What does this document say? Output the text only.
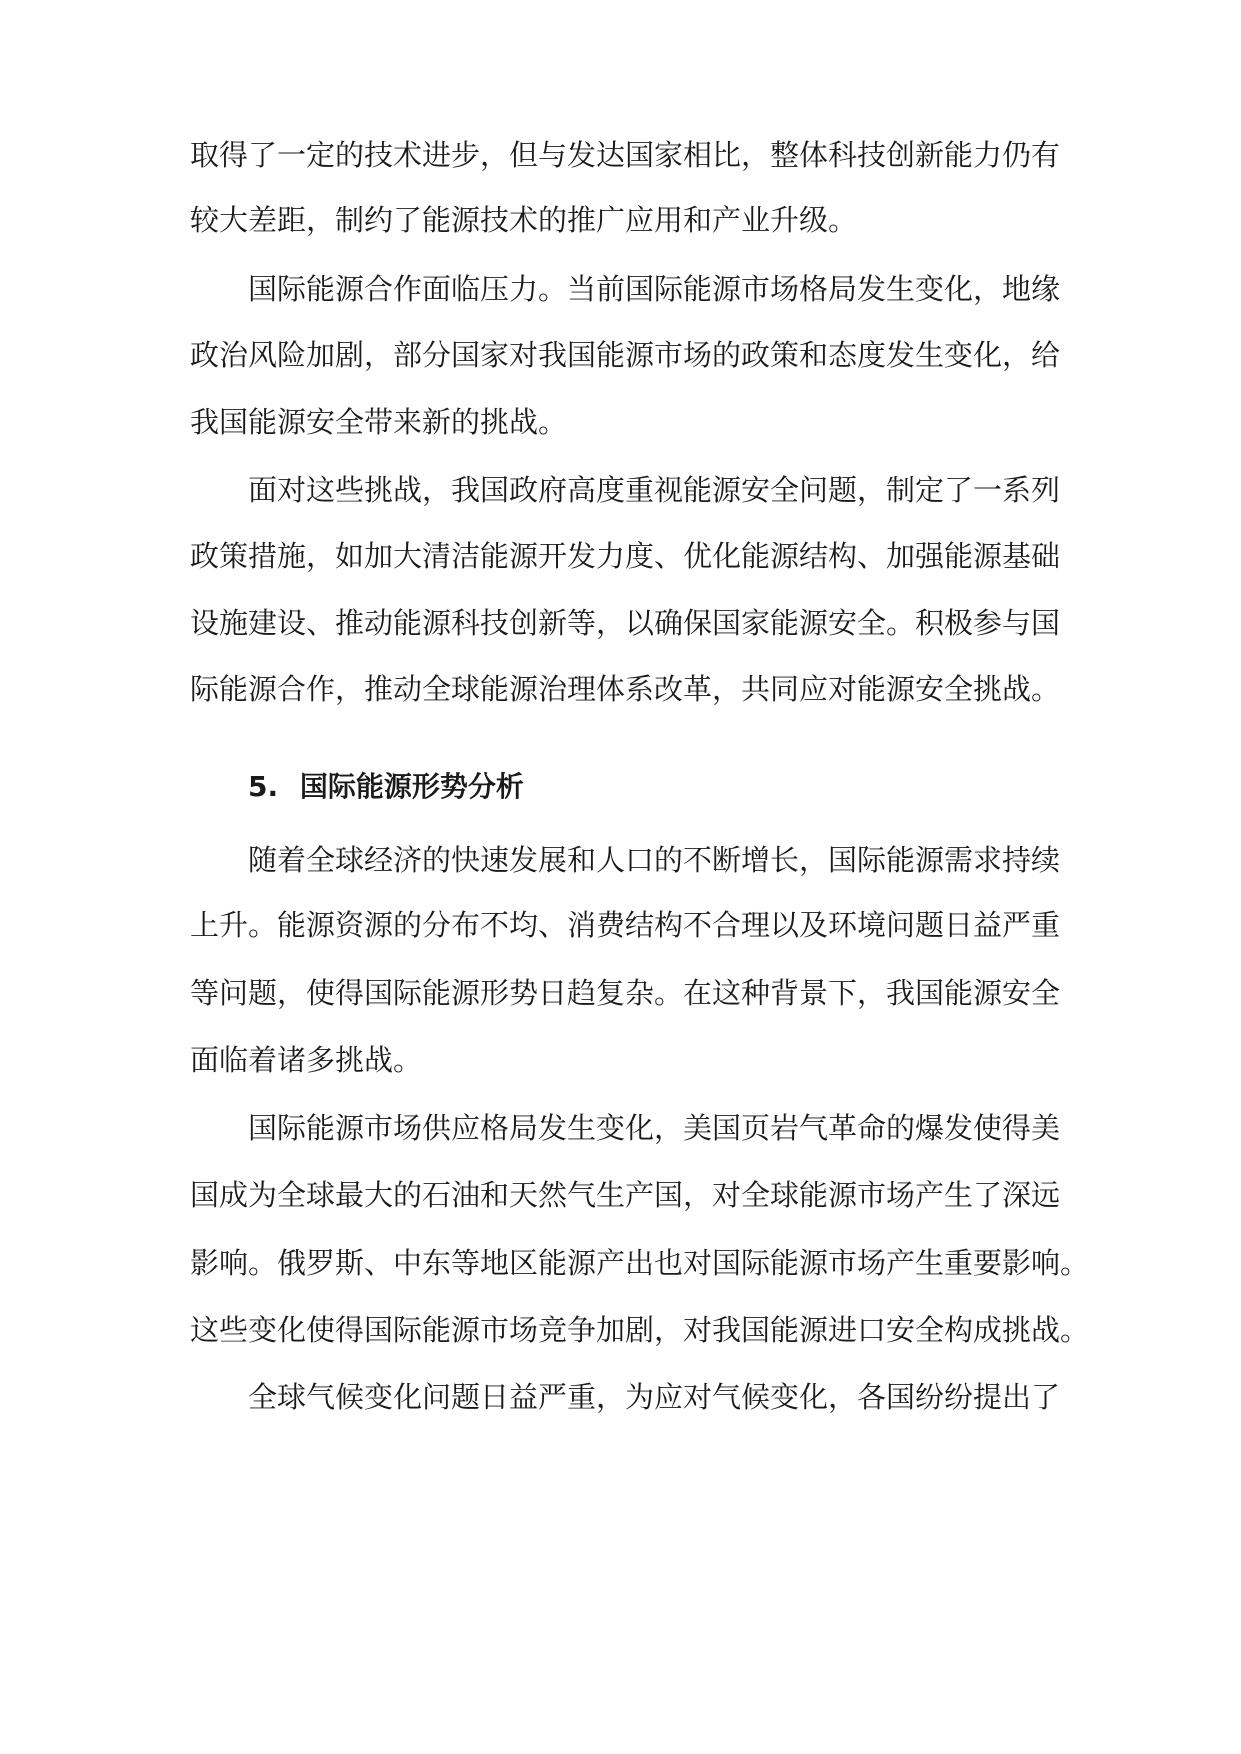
取得了一定的技术进步，但与发达国家相比，整体科技创新能力仍有
较大差距，制约了能源技术的推广应用和产业升级。
国际能源合作面临压力。当前国际能源市场格局发生变化，地缘
政治风险加剧，部分国家对我国能源市场的政策和态度发生变化，给
我国能源安全带来新的挑战。
面对这些挑战，我国政府高度重视能源安全问题，制定了一系列
政策措施，如加大清洁能源开发力度、优化能源结构、加强能源基础
设施建设、推动能源科技创新等，以确保国家能源安全。积极参与国
际能源合作，推动全球能源治理体系改革，共同应对能源安全挑战。
5. 国际能源形势分析
随着全球经济的快速发展和人口的不断增长，国际能源需求持续
上升。能源资源的分布不均、消费结构不合理以及环境问题日益严重
等问题，使得国际能源形势日趋复杂。在这种背景下，我国能源安全
面临着诸多挑战。
国际能源市场供应格局发生变化，美国页岩气革命的爆发使得美
国成为全球最大的石油和天然气生产国，对全球能源市场产生了深远
影响。俄罗斯、中东等地区能源产出也对国际能源市场产生重要影响。
这些变化使得国际能源市场竞争加剧，对我国能源进口安全构成挑战。
全球气候变化问题日益严重，为应对气候变化，各国纷纷提出了
